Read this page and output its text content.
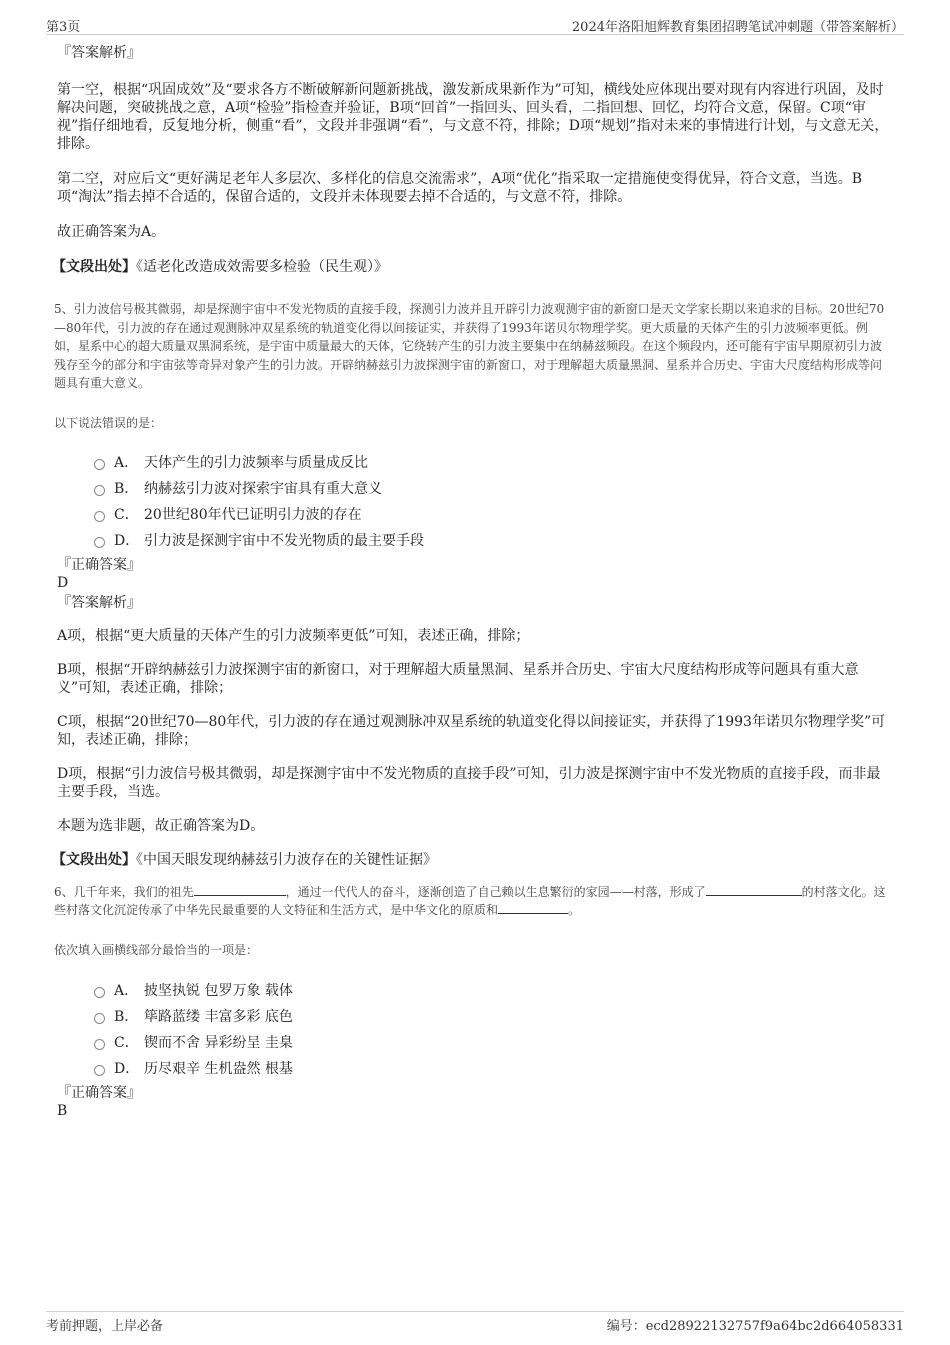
第3页	2024年洛阳旭辉教育集团招聘笔试冲刺题（带答案解析）
『答案解析』

第一空，根据“巩固成效”及“要求各方不断破解新问题新挑战，激发新成果新作为”可知，横线处应体现出要对现有内容进行巩固，及时解决问题，突破挑战之意，A项“检验”指检查并验证，B项“回首”一指回头、回头看，二指回想、回忆，均符合文意，保留。C项“审视”指仔细地看，反复地分析，侧重“看”，文段并非强调“看”，与文意不符，排除；D项“规划”指对未来的事情进行计划，与文意无关，排除。

第二空，对应后文“更好满足老年人多层次、多样化的信息交流需求”，A项“优化”指采取一定措施使变得优异，符合文意，当选。B项“淘汰”指去掉不合适的，保留合适的，文段并未体现要去掉不合适的，与文意不符，排除。

故正确答案为A。

【文段出处】《适老化改造成效需要多检验（民生观）》

5、引力波信号极其微弱，却是探测宇宙中不发光物质的直接手段，探测引力波并且开辟引力波观测宇宙的新窗口是天文学家长期以来追求的目标。20世纪70—80年代，引力波的存在通过观测脉冲双星系统的轨道变化得以间接证实，并获得了1993年诺贝尔物理学奖。更大质量的天体产生的引力波频率更低。例如，星系中心的超大质量双黑洞系统，是宇宙中质量最大的天体，它绕转产生的引力波主要集中在纳赫兹频段。在这个频段内，还可能有宇宙早期原初引力波残存至今的部分和宇宙弦等奇异对象产生的引力波。开辟纳赫兹引力波探测宇宙的新窗口，对于理解超大质量黑洞、星系并合历史、宇宙大尺度结构形成等问题具有重大意义。

以下说法错误的是：
A． 天体产生的引力波频率与质量成反比
B． 纳赫兹引力波对探索宇宙具有重大意义
C． 20世纪80年代已证明引力波的存在
D． 引力波是探测宇宙中不发光物质的最主要手段
『正确答案』
D
『答案解析』

A项，根据“更大质量的天体产生的引力波频率更低”可知，表述正确，排除；

B项，根据“开辟纳赫兹引力波探测宇宙的新窗口，对于理解超大质量黑洞、星系并合历史、宇宙大尺度结构形成等问题具有重大意义”可知，表述正确，排除；

C项，根据“20世纪70—80年代，引力波的存在通过观测脉冲双星系统的轨道变化得以间接证实，并获得了1993年诺贝尔物理学奖”可知，表述正确，排除；

D项，根据“引力波信号极其微弱，却是探测宇宙中不发光物质的直接手段”可知，引力波是探测宇宙中不发光物质的直接手段，而非最主要手段，当选。

本题为选非题，故正确答案为D。

【文段出处】《中国天眼发现纳赫兹引力波存在的关键性证据》

6、几千年来，我们的祖先	，通过一代代人的奋斗，逐渐创造了自己赖以生息繁衍的家园——村落，形成了	的村落文化。这些村落文化沉淀传承了中华先民最重要的人文特征和生活方式，是中华文化的原质和	。

依次填入画横线部分最恰当的一项是：
A． 披坚执锐 包罗万象 载体
B． 筚路蓝缕 丰富多彩 底色
C． 锲而不舍 异彩纷呈 圭臬
D． 历尽艰辛 生机盎然 根基
『正确答案』
B
考前押题，上岸必备	编号：ecd28922132757f9a64bc2d664058331
